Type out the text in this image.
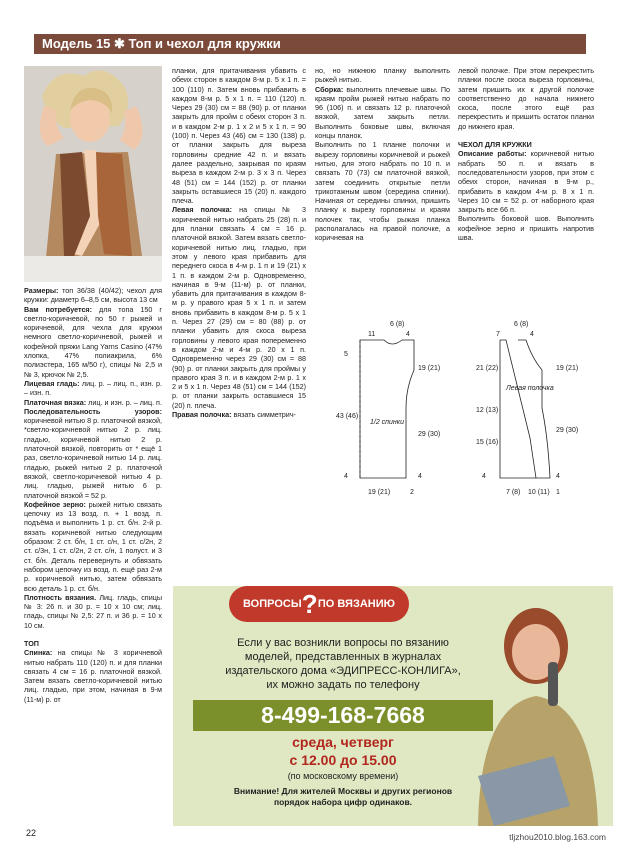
Модель 15 ✱ Топ и чехол для кружки

Размеры: топ 36/38 (40/42); чехол для кружки: диаметр 6–8,5 см, высота 13 см

Вам потребуется: для топа 150 г светло-коричневой, по 50 г рыжей и коричневой, для чехла для кружки немного светло-коричневой, рыжей и кофейной пряжи Lang Yarns Casino (47% хлопка, 47% полиакрила, 6% полиэстера, 165 м/50 г), спицы № 2,5 и № 3, крючок № 2,5.

Лицевая гладь: лиц. р. – лиц. п., изн. р. – изн. п.

Платочная вязка: лиц. и изн. р. – лиц. п.

Последовательность узоров: коричневой нитью 8 р. платочной вязкой, *светло-коричневой нитью 2 р. лиц. гладью, коричневой нитью 2 р. платочной вязкой, повторить от * ещё 1 раз, светло-коричневой нитью 14 р. лиц. гладью, рыжей нитью 2 р. платочной вязкой, светло-коричневой нитью 4 р. лиц. гладью, рыжей нитью 6 р. платочной вязкой = 52 р.

Кофейное зерно: рыжей нитью связать цепочку из 13 возд. п. + 1 возд. п. подъёма и выполнить 1 р. ст. б/н. 2-й р. вязать коричневой нитью следующим образом: 2 ст. б/н, 1 ст. с/н, 1 ст. с/2н, 2 ст. с/3н, 1 ст. с/2н, 2 ст. с/н, 1 полуст. и 3 ст. б/н. Деталь перевернуть и обвязать набором цепочку из возд. п. ещё раз 2-м р. коричневой нитью, затем обвязать всю деталь 1 р. ст. б/н.

Плотность вязания. Лиц. гладь, спицы № 3: 26 п. и 30 р. = 10 х 10 см; лиц. гладь, спицы № 2,5: 27 п. и 36 р. = 10 х 10 см.

ТОП

Спинка: на спицы № 3 коричневой нитью набрать 110 (120) п. и для планки связать 4 см = 16 р. платочной вязкой. Затем вязать светло-коричневой нитью лиц. гладью, при этом, начиная в 9-м (11-м) р. от

планки, для притачивания убавить с обеих сторон в каждом 8-м р. 5 х 1 п. = 100 (110) п. Затем вновь прибавить в каждом 8-м р. 5 х 1 п. = 110 (120) п. Через 29 (30) см = 88 (90) р. от планки закрыть для пройм с обеих сторон 3 п. и в каждом 2-м р. 1 х 2 и 5 х 1 п. = 90 (100) п. Через 43 (46) см = 130 (138) р. от планки закрыть для выреза горловины средние 42 п. и вязать далее раздельно, закрывая по краям выреза в каждом 2-м р. 3 х 3 п. Через 48 (51) см = 144 (152) р. от планки закрыть оставшиеся 15 (20) п. каждого плеча.

Левая полочка: на спицы № 3 коричневой нитью набрать 25 (28) п. и для планки связать 4 см = 16 р. платочной вязкой. Затем вязать светло-коричневой нитью лиц. гладью, при этом у левого края прибавить для переднего скоса в 4-м р. 1 п и 19 (21) х 1 п. в каждом 2-м р. Одновременно, начиная в 9-м (11-м) р. от планки, убавить для притачивания в каждом 8-м р. у правого края 5 х 1 п. и затем вновь прибавить в каждом 8-м р. 5 х 1 п. Через 27 (29) см = 80 (88) р. от планки убавить для скоса выреза горловины у левого края попеременно в каждом 2-м и 4-м р. 20 х 1 п. Одновременно через 29 (30) см = 88 (90) р. от планки закрыть для проймы у правого края 3 п. и в каждом 2-м р. 1 х 2 и 5 х 1 п. Через 48 (51) см = 144 (152) р. от планки закрыть оставшиеся 15 (20) п. плеча.

Правая полочка: вязать симметрич-

но, но нижнюю планку выполнить рыжей нитью.

Сборка: выполнить плечевые швы. По краям пройм рыжей нитью набрать по 96 (106) п. и связать 12 р. платочной вязкой, затем закрыть петли. Выполнить боковые швы, включая концы планок.

Выполнить по 1 планке полочки и вырезу горловины коричневой и рыжей нитью, для этого набрать по 10 п. и связать 70 (73) см платочной вязкой, затем соединить открытые петли трикотажным швом (середина спинки). Начиная от середины спинки, пришить планку к вырезу горловины и краям полочек так, чтобы рыжая планка располагалась на правой полочке, а коричневая на

левой полочке. При этом перекрестить планки после скоса выреза горловины, затем пришить их к другой полочке соответственно до начала нижнего скоса, после этого ещё раз перекрестить и пришить остаток планки до нижнего края.

ЧЕХОЛ ДЛЯ КРУЖКИ

Описание работы: коричневой нитью набрать 50 п. и вязать в последовательности узоров, при этом с обеих сторон, начиная в 9-м р., прибавить в каждом 4-м р. 8 х 1 п. Через 10 см = 52 р. от наборного края закрыть все 66 п.

Выполнить боковой шов. Выполнить кофейное зерно и пришить напротив шва.

1/2 спинки
11
6 (8)
4
19 (21)
29 (30)
43 (46)
5
4	4
19 (21)	2
Левая полочка
7
6 (8)
4
21 (22)
12 (13)
15 (16)
19 (21)
29 (30)
4	4
7 (8) 10 (11) 1
ВОПРОСЫ ? ПО ВЯЗАНИЮ
Если у вас возникли вопросы по вязанию
моделей, представленных в журналах
издательского дома «ЭДИПРЕСС-КОНЛИГА»,
их можно задать по телефону
8-499-168-7668
среда, четверг
с 12.00 до 15.00
(по московскому времени)
Внимание! Для жителей Москвы и других регионов
порядок набора цифр одинаков.
22	tljzhou2010.blog.163.com
